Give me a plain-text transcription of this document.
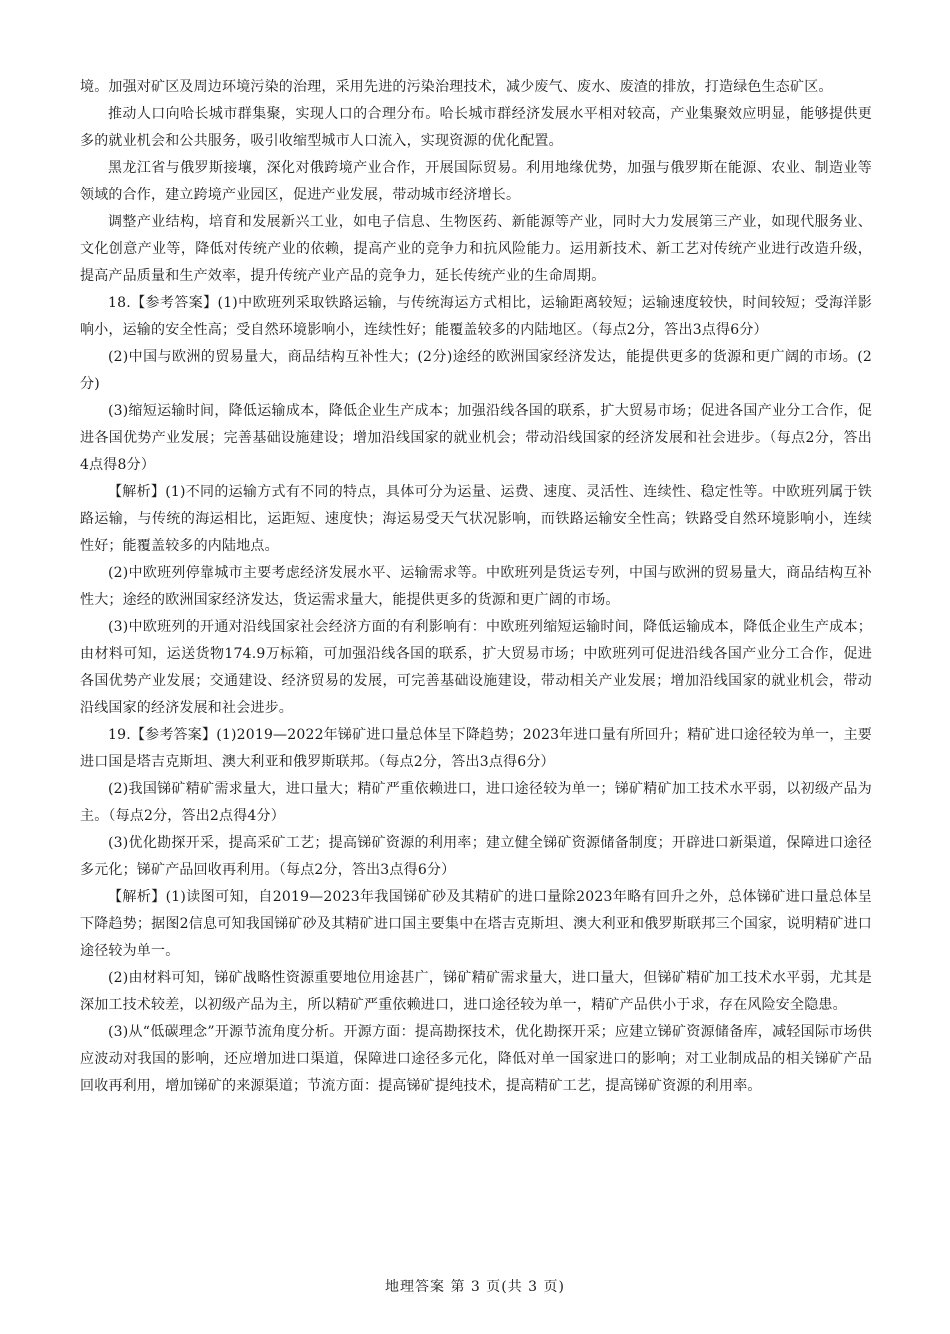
境。加强对矿区及周边环境污染的治理，采用先进的污染治理技术，减少废气、废水、废渣的排放，打造绿色生态矿区。

推动人口向哈长城市群集聚，实现人口的合理分布。哈长城市群经济发展水平相对较高，产业集聚效应明显，能够提供更多的就业机会和公共服务，吸引收缩型城市人口流入，实现资源的优化配置。

黑龙江省与俄罗斯接壤，深化对俄跨境产业合作，开展国际贸易。利用地缘优势，加强与俄罗斯在能源、农业、制造业等领域的合作，建立跨境产业园区，促进产业发展，带动城市经济增长。

调整产业结构，培育和发展新兴工业，如电子信息、生物医药、新能源等产业，同时大力发展第三产业，如现代服务业、文化创意产业等，降低对传统产业的依赖，提高产业的竞争力和抗风险能力。运用新技术、新工艺对传统产业进行改造升级，提高产品质量和生产效率，提升传统产业产品的竞争力，延长传统产业的生命周期。

18.【参考答案】(1)中欧班列采取铁路运输，与传统海运方式相比，运输距离较短；运输速度较快，时间较短；受海洋影响小，运输的安全性高；受自然环境影响小，连续性好；能覆盖较多的内陆地区。（每点2分，答出3点得6分）

(2)中国与欧洲的贸易量大，商品结构互补性大；(2分)途经的欧洲国家经济发达，能提供更多的货源和更广阔的市场。(2分)

(3)缩短运输时间，降低运输成本，降低企业生产成本；加强沿线各国的联系，扩大贸易市场；促进各国产业分工合作，促进各国优势产业发展；完善基础设施建设；增加沿线国家的就业机会；带动沿线国家的经济发展和社会进步。（每点2分，答出4点得8分）

【解析】(1)不同的运输方式有不同的特点，具体可分为运量、运费、速度、灵活性、连续性、稳定性等。中欧班列属于铁路运输，与传统的海运相比，运距短、速度快；海运易受天气状况影响，而铁路运输安全性高；铁路受自然环境影响小，连续性好；能覆盖较多的内陆地点。

(2)中欧班列停靠城市主要考虑经济发展水平、运输需求等。中欧班列是货运专列，中国与欧洲的贸易量大，商品结构互补性大；途经的欧洲国家经济发达，货运需求量大，能提供更多的货源和更广阔的市场。

(3)中欧班列的开通对沿线国家社会经济方面的有利影响有：中欧班列缩短运输时间，降低运输成本，降低企业生产成本；由材料可知，运送货物174.9万标箱，可加强沿线各国的联系，扩大贸易市场；中欧班列可促进沿线各国产业分工合作，促进各国优势产业发展；交通建设、经济贸易的发展，可完善基础设施建设，带动相关产业发展；增加沿线国家的就业机会，带动沿线国家的经济发展和社会进步。

19.【参考答案】(1)2019—2022年锑矿进口量总体呈下降趋势；2023年进口量有所回升；精矿进口途径较为单一，主要进口国是塔吉克斯坦、澳大利亚和俄罗斯联邦。（每点2分，答出3点得6分）

(2)我国锑矿精矿需求量大，进口量大；精矿严重依赖进口，进口途径较为单一；锑矿精矿加工技术水平弱，以初级产品为主。（每点2分，答出2点得4分）

(3)优化勘探开采，提高采矿工艺；提高锑矿资源的利用率；建立健全锑矿资源储备制度；开辟进口新渠道，保障进口途径多元化；锑矿产品回收再利用。（每点2分，答出3点得6分）

【解析】(1)读图可知，自2019—2023年我国锑矿砂及其精矿的进口量除2023年略有回升之外，总体锑矿进口量总体呈下降趋势；据图2信息可知我国锑矿砂及其精矿进口国主要集中在塔吉克斯坦、澳大利亚和俄罗斯联邦三个国家，说明精矿进口途径较为单一。

(2)由材料可知，锑矿战略性资源重要地位用途甚广，锑矿精矿需求量大，进口量大，但锑矿精矿加工技术水平弱，尤其是深加工技术较差，以初级产品为主，所以精矿严重依赖进口，进口途径较为单一，精矿产品供小于求，存在风险安全隐患。

(3)从“低碳理念”开源节流角度分析。开源方面：提高勘探技术，优化勘探开采；应建立锑矿资源储备库，减轻国际市场供应波动对我国的影响，还应增加进口渠道，保障进口途径多元化，降低对单一国家进口的影响；对工业制成品的相关锑矿产品回收再利用，增加锑矿的来源渠道；节流方面：提高锑矿提纯技术，提高精矿工艺，提高锑矿资源的利用率。

地理答案 第 3 页(共 3 页)
